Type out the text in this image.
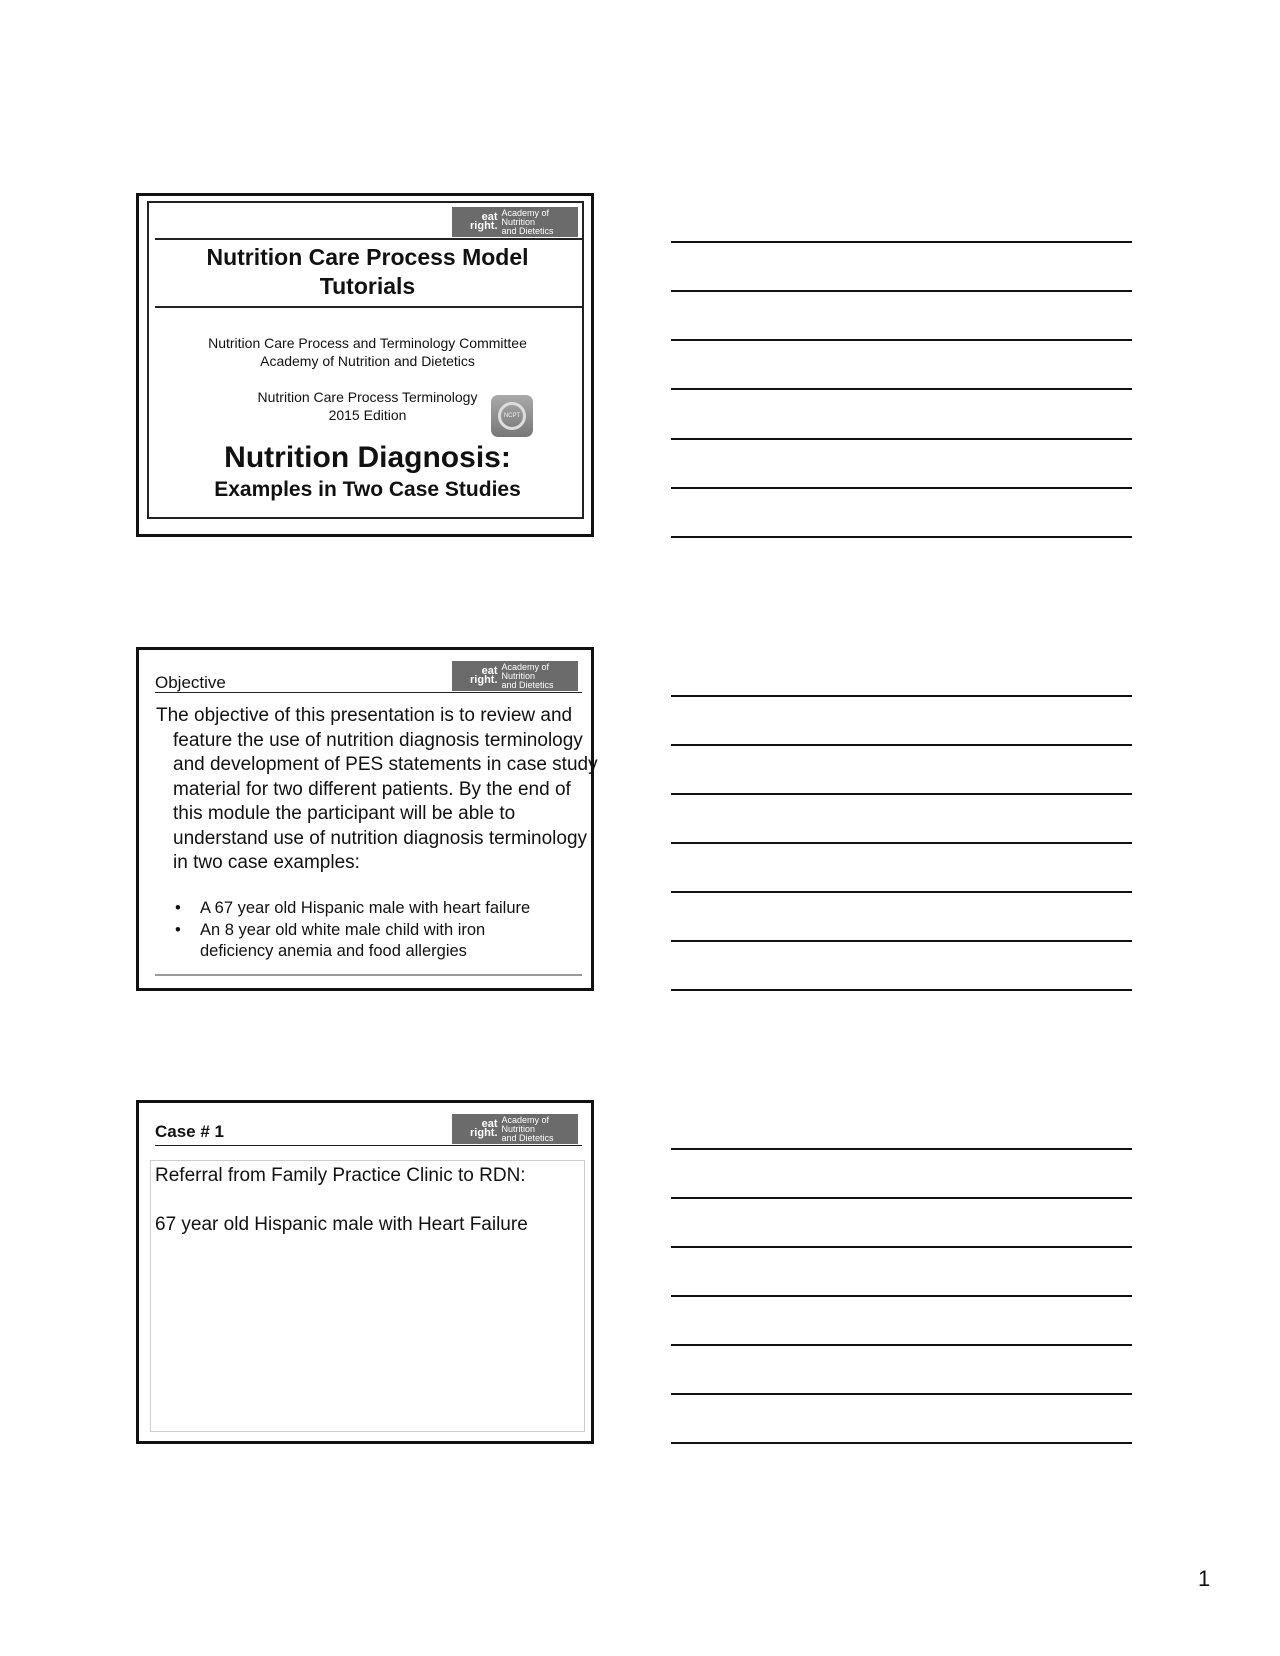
eat right.
Academy of Nutrition
and Dietetics
Nutrition Care Process Model
Tutorials
Nutrition Care Process and Terminology Committee
Academy of Nutrition and Dietetics
Nutrition Care Process Terminology
2015 Edition	NCPT
Nutrition Diagnosis:
Examples in Two Case Studies
eat right.
Academy of Nutrition
and Dietetics
Objective
The objective of this presentation is to review and feature the use of nutrition diagnosis terminology and development of PES statements in case study material for two different patients. By the end of this module the participant will be able to understand use of nutrition diagnosis terminology in two case examples:
•	A 67 year old Hispanic male with heart failure
•	An 8 year old white male child with iron deficiency anemia and food allergies
eat right.
Academy of Nutrition
and Dietetics
Case # 1
Referral from Family Practice Clinic to RDN:
67 year old Hispanic male with Heart Failure
1
